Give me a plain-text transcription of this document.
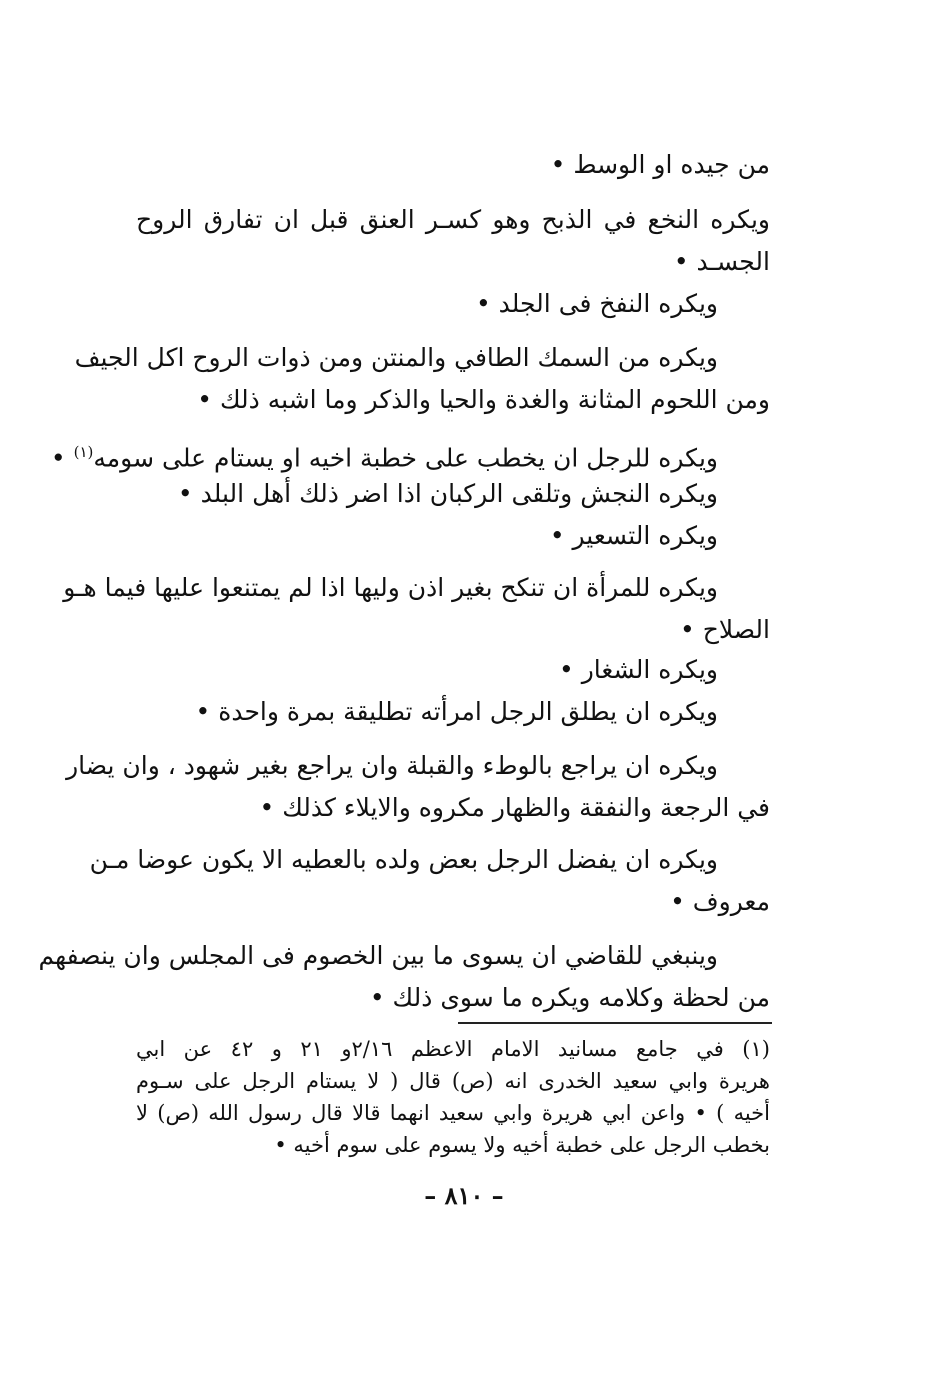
من جيده او الوسط •
ويكره النخع في الذبح وهو كسـر العنق قبل ان تفارق الروح
الجسـد •
ويكره النفخ فى الجلد •
ويكره من السمك الطافي والمنتن ومن ذوات الروح اكل الجيف
ومن اللحوم المثانة والغدة والحيا والذكر وما اشبه ذلك •
ويكره للرجل ان يخطب على خطبة اخيه او يستام على سومه$^{(١)}$ •
ويكره النجش وتلقى الركبان اذا اضر ذلك أهل البلد •
ويكره التسعير •
ويكره للمرأة ان تنكح بغير اذن وليها اذا لم يمتنعوا عليها فيما هـو
الصلاح •
ويكره الشغار •
ويكره ان يطلق الرجل امرأته تطليقة بمرة واحدة •
ويكره ان يراجع بالوطء والقبلة وان يراجع بغير شهود ، وان يضار
في الرجعة والنفقة والظهار مكروه والايلاء كذلك •
ويكره ان يفضل الرجل بعض ولده بالعطيه الا يكون عوضا مـن
معروف •
وينبغي للقاضي ان يسوى ما بين الخصوم فى المجلس وان ينصفهم
من لحظة وكلامه ويكره ما سوى ذلك •
(١) في جامع مسانيد الامام الاعظم ٢/١٦و ٢١ و ٤٢ عن ابي
هريرة وابي سعيد الخدرى انه (ص) قال ( لا يستام الرجل على سـوم
أخيه ) • واعن ابي هريرة وابي سعيد انهما قالا قال رسول الله (ص) لا
بخطب الرجل على خطبة أخيه ولا يسوم على سوم أخيه •
– ٨١٠ –
